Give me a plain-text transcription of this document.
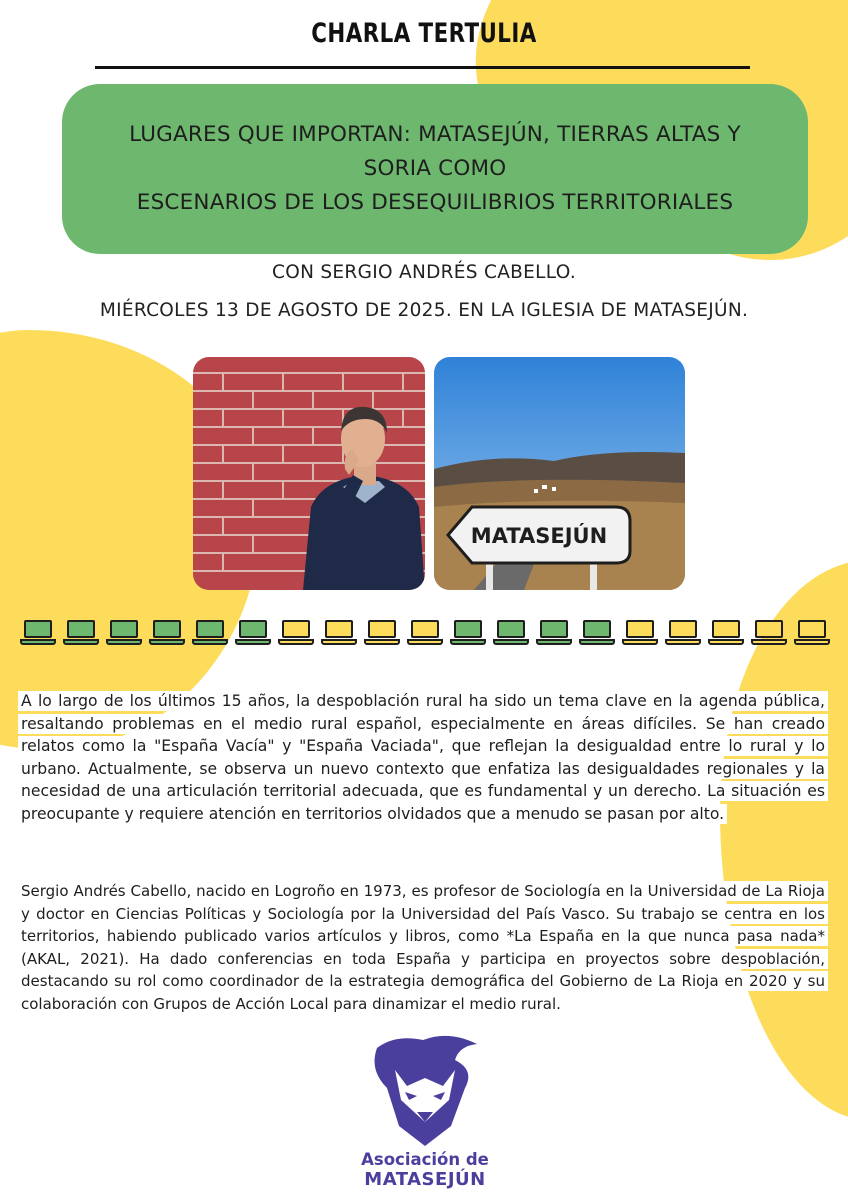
CHARLA TERTULIA
LUGARES QUE IMPORTAN: MATASEJÚN, TIERRAS ALTAS Y
SORIA COMO
ESCENARIOS DE LOS DESEQUILIBRIOS TERRITORIALES
CON SERGIO ANDRÉS CABELLO.
MIÉRCOLES 13 DE AGOSTO DE 2025. EN LA IGLESIA DE MATASEJÚN.
MATASEJÚN
A lo largo de los últimos 15 años, la despoblación rural ha sido un tema clave en la agenda pública, resaltando problemas en el medio rural español, especialmente en áreas difíciles. Se han creado relatos como la "España Vacía" y "España Vaciada", que reflejan la desigualdad entre lo rural y lo urbano. Actualmente, se observa un nuevo contexto que enfatiza las desigualdades regionales y la necesidad de una articulación territorial adecuada, que es fundamental y un derecho. La situación es preocupante y requiere atención en territorios olvidados que a menudo se pasan por alto.
Sergio Andrés Cabello, nacido en Logroño en 1973, es profesor de Sociología en la Universidad de La Rioja y doctor en Ciencias Políticas y Sociología por la Universidad del País Vasco. Su trabajo se centra en los territorios, habiendo publicado varios artículos y libros, como *La España en la que nunca pasa nada* (AKAL, 2021). Ha dado conferencias en toda España y participa en proyectos sobre despoblación, destacando su rol como coordinador de la estrategia demográfica del Gobierno de La Rioja en 2020 y su colaboración con Grupos de Acción Local para dinamizar el medio rural.
Asociación de
MATASEJÚN
